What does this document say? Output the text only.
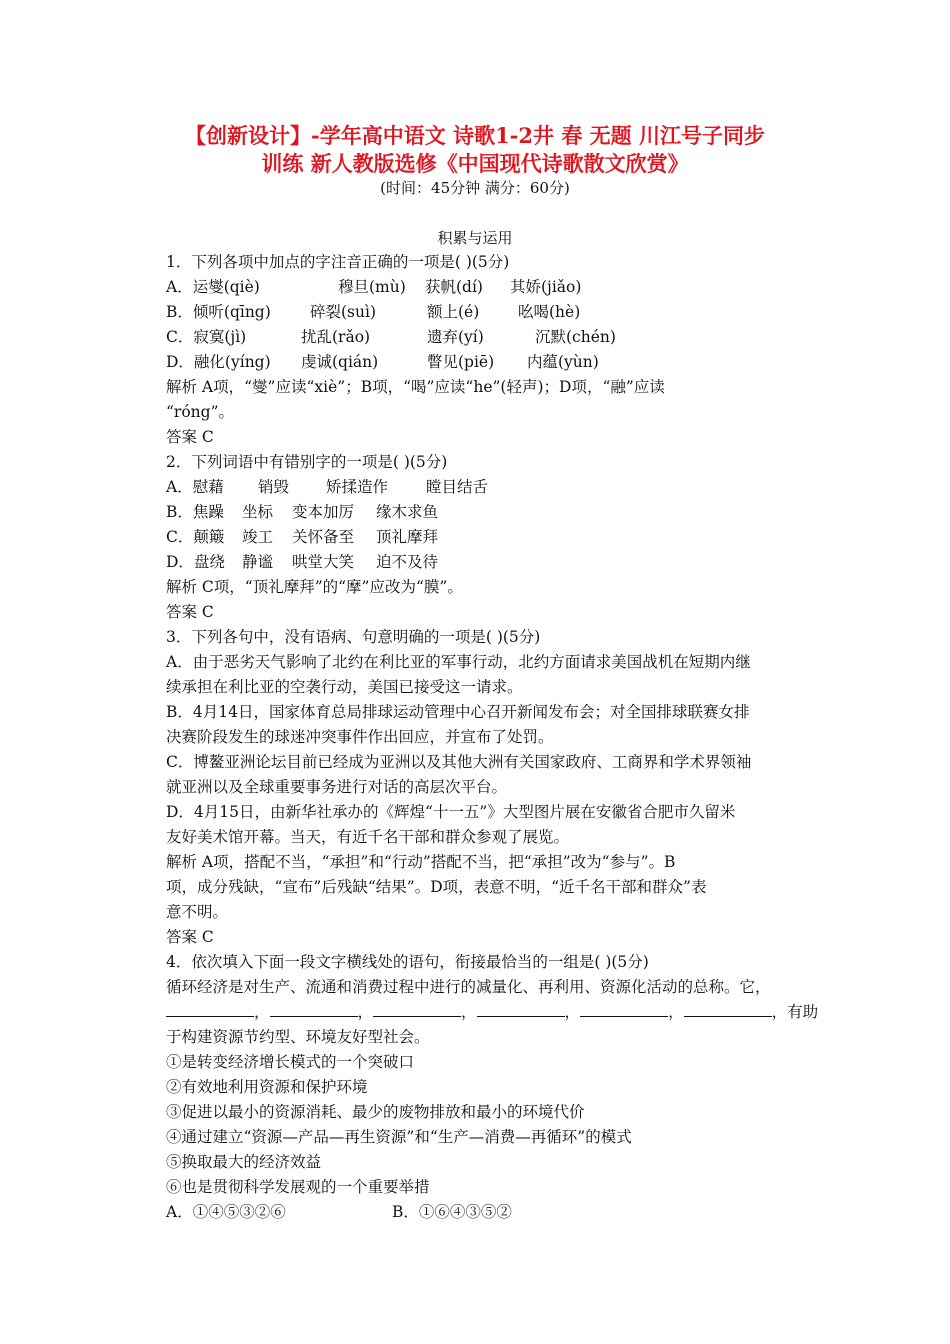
【创新设计】-学年高中语文 诗歌1-2井 春 无题 川江号子同步
训练 新人教版选修《中国现代诗歌散文欣赏》
(时间：45分钟 满分：60分)
积累与运用
1．下列各项中加点的字注音正确的一项是( )(5分)
A．运燮(qiè)	穆旦(mù) 获帆(dí) 其娇(jiǎo)
B．倾听(qīng)	碎裂(suì)	额上(é) 吆喝(hè)
C．寂寞(jì)	扰乱(rǎo)	遗弃(yí)	沉默(chén)
D．融化(yíng) 虔诚(qián)	瞥见(piē) 内蕴(yùn)
解析 A项，“燮”应读“xiè”；B项，“喝”应读“he”(轻声)；D项，“融”应读
“róng”。
答案 C
2．下列词语中有错别字的一项是( )(5分)
A．慰藉 销毁 矫揉造作 瞠目结舌
B．焦躁 坐标 变本加厉 缘木求鱼
C．颠簸 竣工 关怀备至 顶礼摩拜
D．盘绕 静谧 哄堂大笑 迫不及待
解析 C项，“顶礼摩拜”的“摩”应改为“膜”。
答案 C
3．下列各句中，没有语病、句意明确的一项是( )(5分)
A．由于恶劣天气影响了北约在利比亚的军事行动，北约方面请求美国战机在短期内继
续承担在利比亚的空袭行动，美国已接受这一请求。
B．4月14日，国家体育总局排球运动管理中心召开新闻发布会；对全国排球联赛女排
决赛阶段发生的球迷冲突事件作出回应，并宣布了处罚。
C．博鳌亚洲论坛目前已经成为亚洲以及其他大洲有关国家政府、工商界和学术界领袖
就亚洲以及全球重要事务进行对话的高层次平台。
D．4月15日，由新华社承办的《辉煌“十一五”》大型图片展在安徽省合肥市久留米
友好美术馆开幕。当天，有近千名干部和群众参观了展览。
解析 A项，搭配不当，“承担”和“行动”搭配不当，把“承担”改为“参与”。B
项，成分残缺，“宣布”后残缺“结果”。D项，表意不明，“近千名干部和群众”表
意不明。
答案 C
4．依次填入下面一段文字横线处的语句，衔接最恰当的一组是( )(5分)
循环经济是对生产、流通和消费过程中进行的减量化、再利用、资源化活动的总称。它，
，	，	，	，	，	，有助
于构建资源节约型、环境友好型社会。
①是转变经济增长模式的一个突破口
②有效地利用资源和保护环境
③促进以最小的资源消耗、最少的废物排放和最小的环境代价
④通过建立“资源—产品—再生资源”和“生产—消费—再循环”的模式
⑤换取最大的经济效益
⑥也是贯彻科学发展观的一个重要举措
A．①④⑤③②⑥	B．①⑥④③⑤②
